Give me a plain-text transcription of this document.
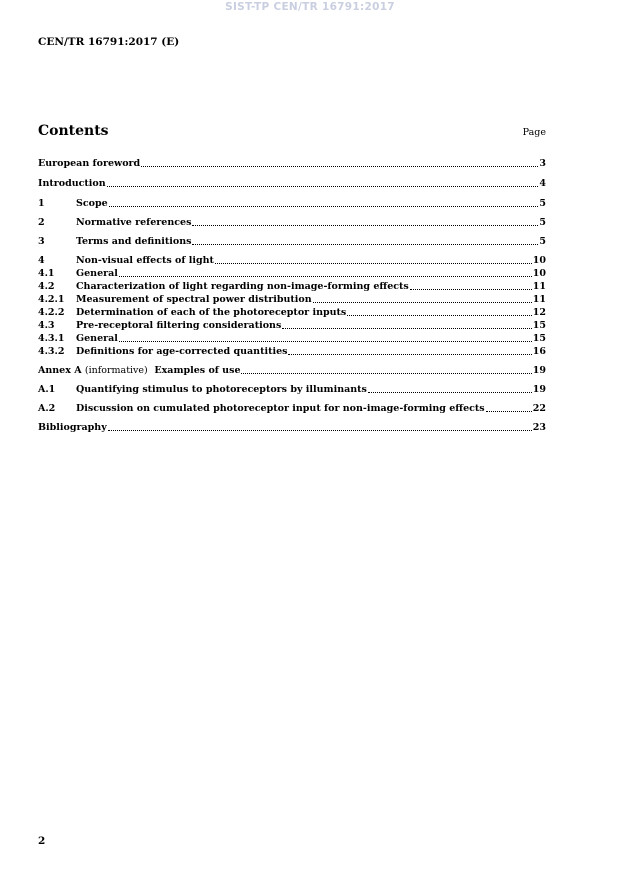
SIST-TP CEN/TR 16791:2017
CEN/TR 16791:2017 (E)
Contents	Page
European foreword	3
Introduction	4
1	Scope	5
2	Normative references	5
3	Terms and definitions	5
4	Non-visual effects of light	10
4.1	General	10
4.2	Characterization of light regarding non-image-forming effects	11
4.2.1	Measurement of spectral power distribution	11
4.2.2	Determination of each of the photoreceptor inputs	12
4.3	Pre-receptoral filtering considerations	15
4.3.1	General	15
4.3.2	Definitions for age-corrected quantities	16
Annex A (informative) Examples of use	19
A.1	Quantifying stimulus to photoreceptors by illuminants	19
A.2	Discussion on cumulated photoreceptor input for non-image-forming effects	22
Bibliography	23
2
